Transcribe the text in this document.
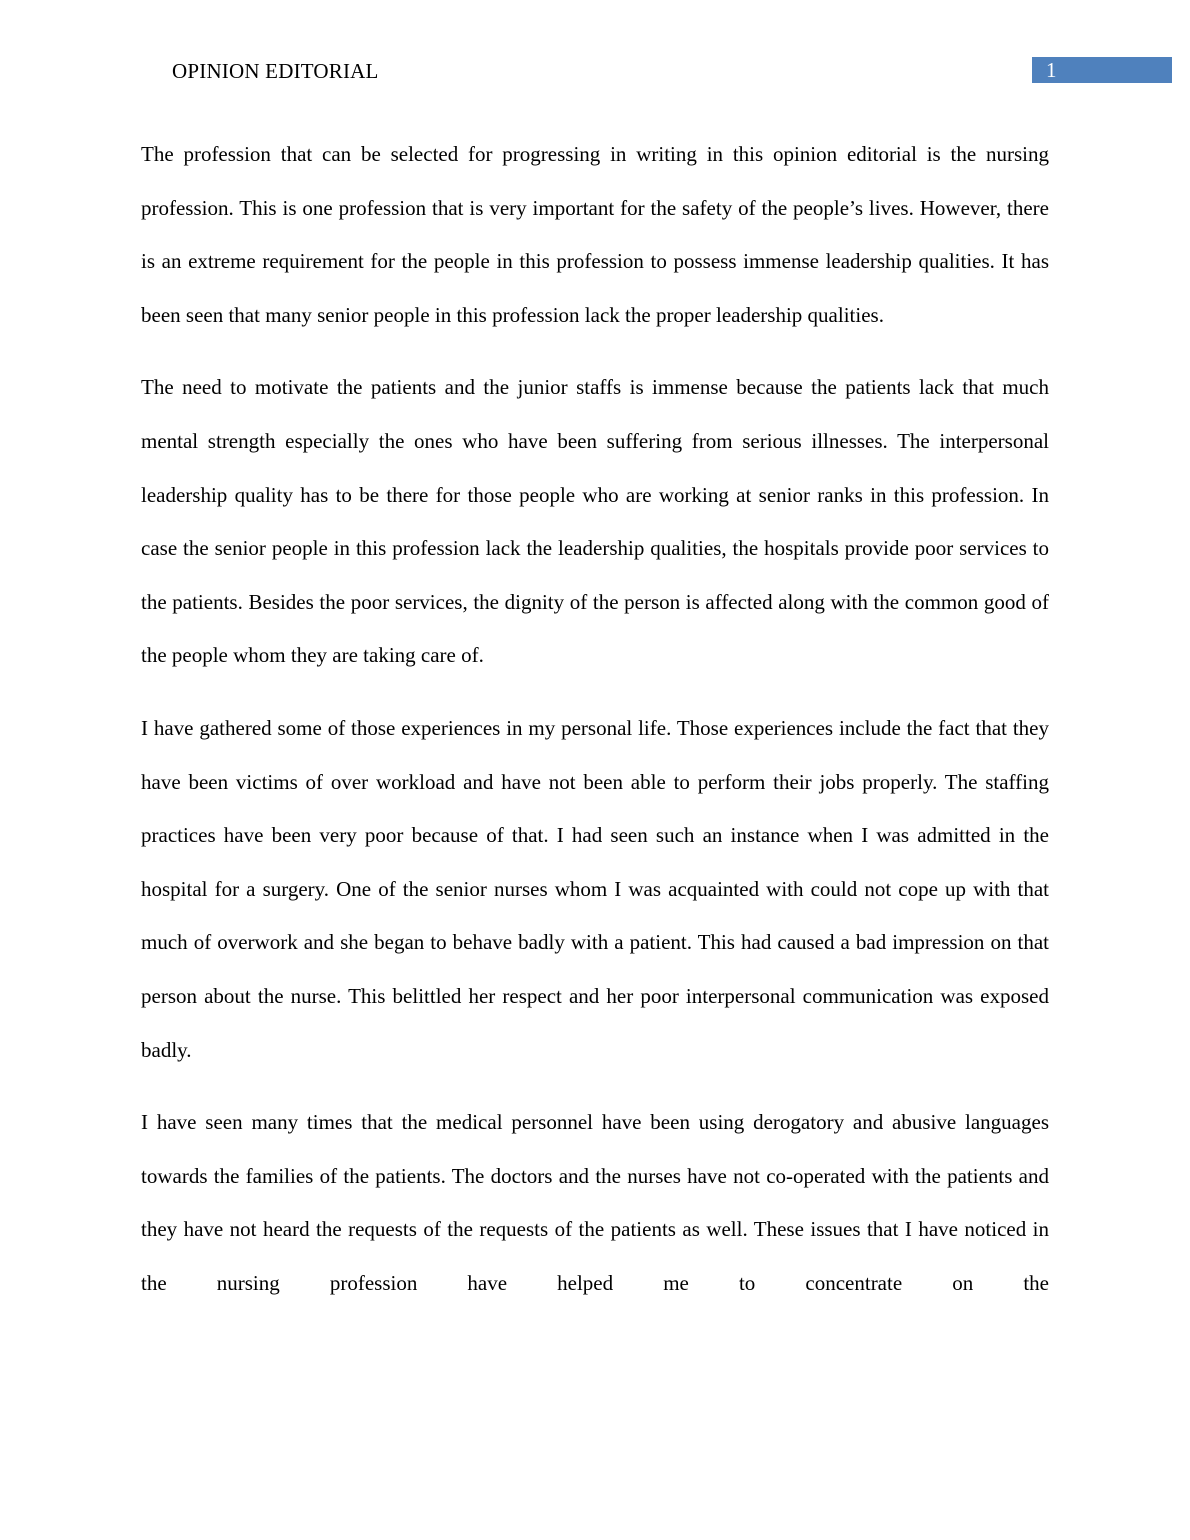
OPINION EDITORIAL	1

The profession that can be selected for progressing in writing in this opinion editorial is the nursing profession. This is one profession that is very important for the safety of the people’s lives. However, there is an extreme requirement for the people in this profession to possess immense leadership qualities. It has been seen that many senior people in this profession lack the proper leadership qualities.

The need to motivate the patients and the junior staffs is immense because the patients lack that much mental strength especially the ones who have been suffering from serious illnesses. The interpersonal leadership quality has to be there for those people who are working at senior ranks in this profession. In case the senior people in this profession lack the leadership qualities, the hospitals provide poor services to the patients. Besides the poor services, the dignity of the person is affected along with the common good of the people whom they are taking care of.

I have gathered some of those experiences in my personal life. Those experiences include the fact that they have been victims of over workload and have not been able to perform their jobs properly. The staffing practices have been very poor because of that. I had seen such an instance when I was admitted in the hospital for a surgery. One of the senior nurses whom I was acquainted with could not cope up with that much of overwork and she began to behave badly with a patient. This had caused a bad impression on that person about the nurse. This belittled her respect and her poor interpersonal communication was exposed badly.

I have seen many times that the medical personnel have been using derogatory and abusive languages towards the families of the patients. The doctors and the nurses have not co-operated with the patients and they have not heard the requests of the requests of the patients as well. These issues that I have noticed in the nursing profession have helped me to concentrate on the
